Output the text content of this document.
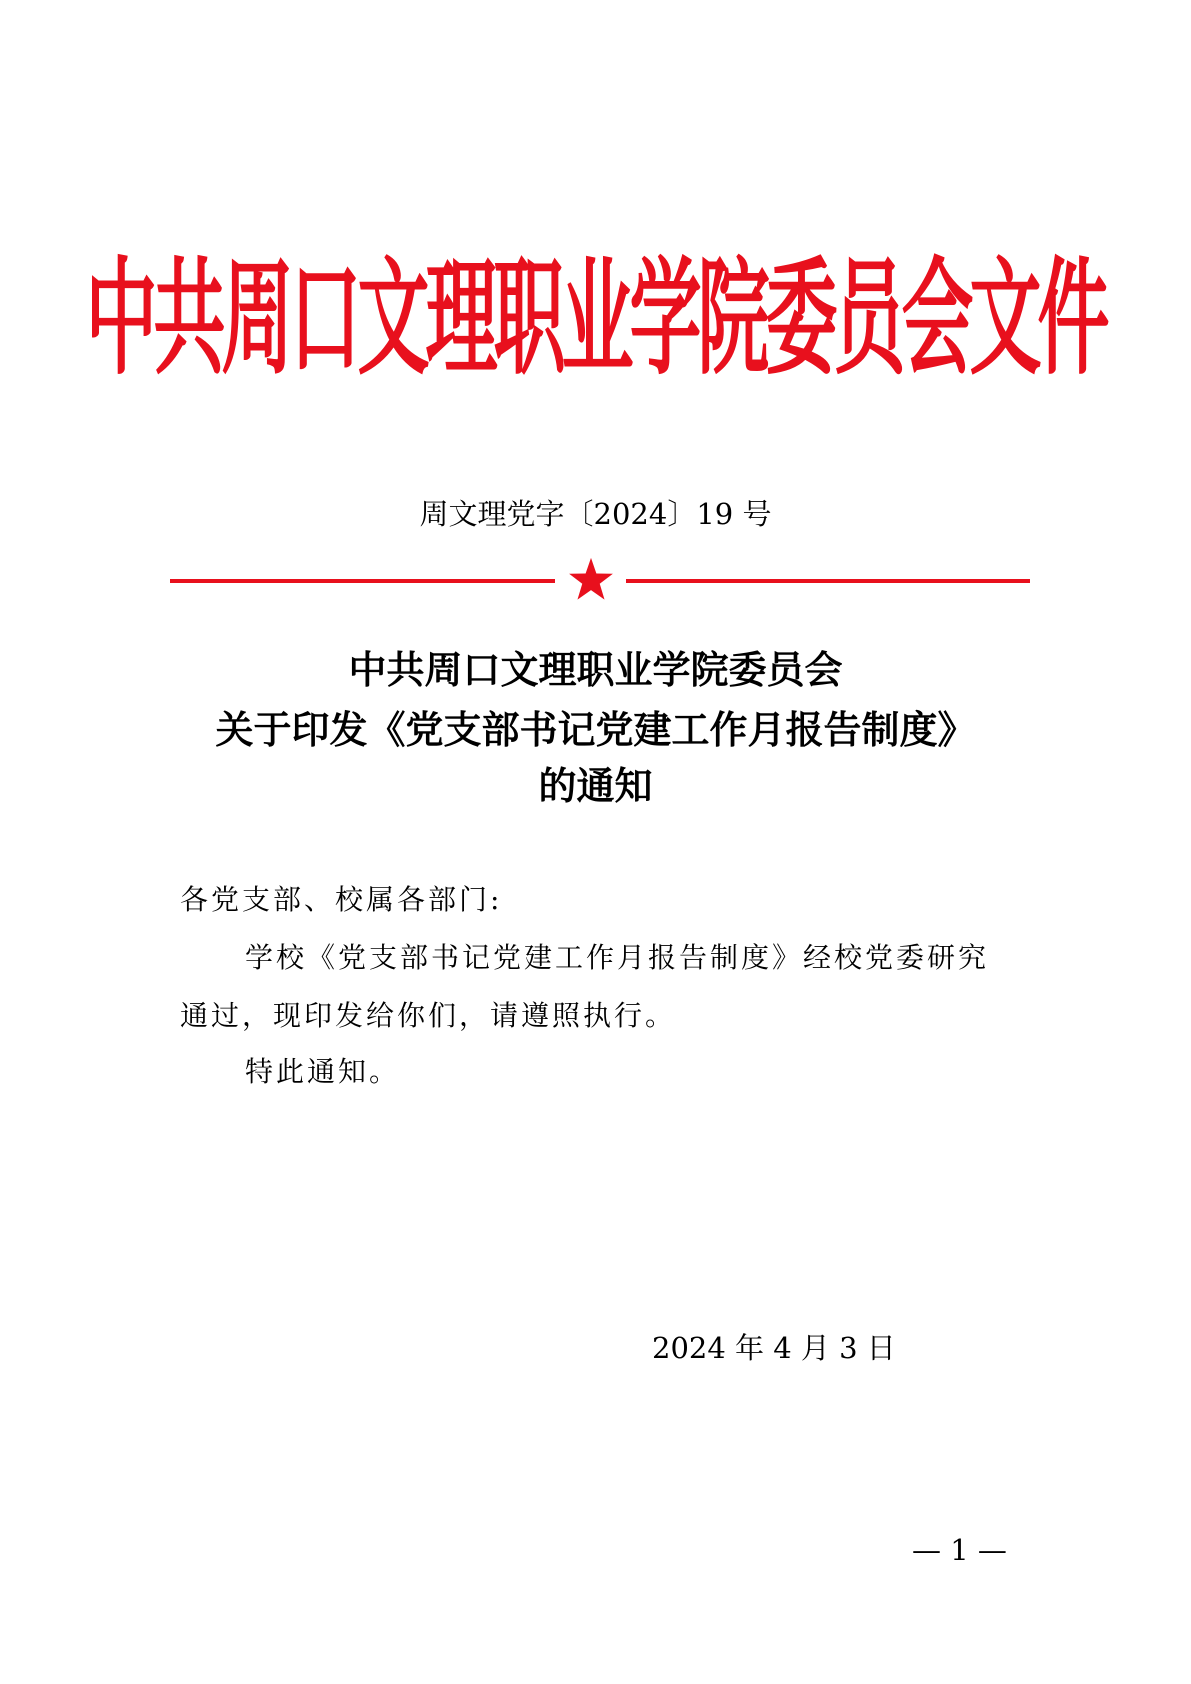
中共周口文理职业学院委员会文件
周文理党字〔2024〕19 号
中共周口文理职业学院委员会
关于印发《党支部书记党建工作月报告制度》
的通知
各党支部、校属各部门:
学校《党支部书记党建工作月报告制度》经校党委研究
通过，现印发给你们，请遵照执行。
特此通知。
2024 年 4 月 3 日
— 1 —
